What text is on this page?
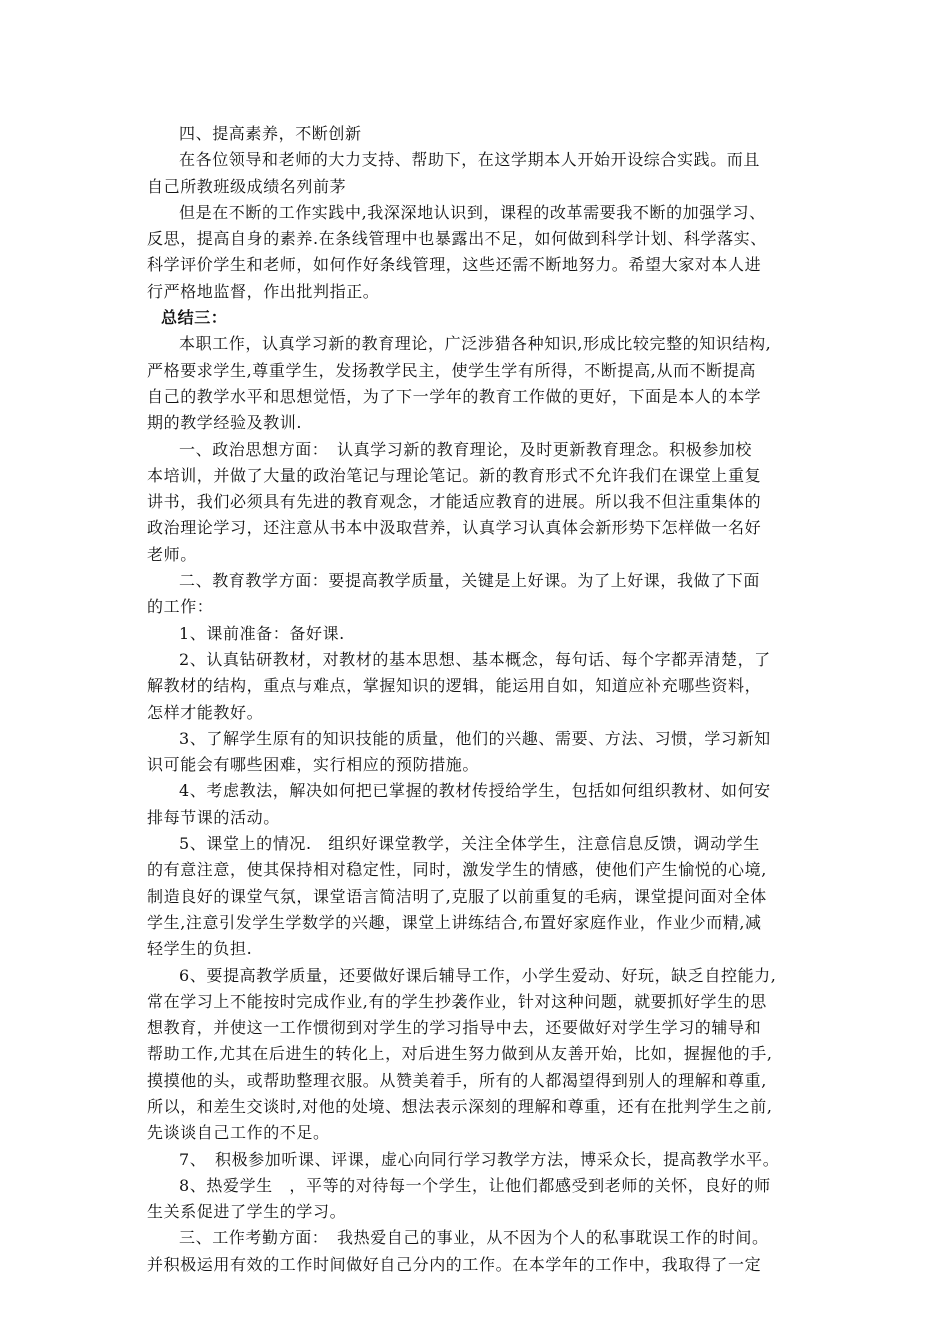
四、提高素养，不断创新
在各位领导和老师的大力支持、帮助下，在这学期本人开始开设综合实践。而且
自己所教班级成绩名列前茅
但是在不断的工作实践中,我深深地认识到，课程的改革需要我不断的加强学习、
反思，提高自身的素养.在条线管理中也暴露出不足，如何做到科学计划、科学落实、
科学评价学生和老师，如何作好条线管理，这些还需不断地努力。希望大家对本人进
行严格地监督，作出批判指正。
总结三：
本职工作，认真学习新的教育理论，广泛涉猎各种知识,形成比较完整的知识结构,
严格要求学生,尊重学生，发扬教学民主，使学生学有所得，不断提高,从而不断提高
自己的教学水平和思想觉悟，为了下一学年的教育工作做的更好，下面是本人的本学
期的教学经验及教训.
一、政治思想方面：　认真学习新的教育理论，及时更新教育理念。积极参加校
本培训，并做了大量的政治笔记与理论笔记。新的教育形式不允许我们在课堂上重复
讲书，我们必须具有先进的教育观念，才能适应教育的进展。所以我不但注重集体的
政治理论学习，还注意从书本中汲取营养，认真学习认真体会新形势下怎样做一名好
老师。
二、教育教学方面：要提高教学质量，关键是上好课。为了上好课，我做了下面
的工作：
1、课前准备：备好课.
2、认真钻研教材，对教材的基本思想、基本概念，每句话、每个字都弄清楚，了
解教材的结构，重点与难点，掌握知识的逻辑，能运用自如，知道应补充哪些资料，
怎样才能教好。
3、了解学生原有的知识技能的质量，他们的兴趣、需要、方法、习惯，学习新知
识可能会有哪些困难，实行相应的预防措施。
4、考虑教法，解决如何把已掌握的教材传授给学生，包括如何组织教材、如何安
排每节课的活动。
5、课堂上的情况.　组织好课堂教学，关注全体学生，注意信息反馈，调动学生
的有意注意，使其保持相对稳定性，同时，激发学生的情感，使他们产生愉悦的心境,
制造良好的课堂气氛，课堂语言简洁明了,克服了以前重复的毛病，课堂提问面对全体
学生,注意引发学生学数学的兴趣，课堂上讲练结合,布置好家庭作业，作业少而精,减
轻学生的负担.
6、要提高教学质量，还要做好课后辅导工作，小学生爱动、好玩，缺乏自控能力,
常在学习上不能按时完成作业,有的学生抄袭作业，针对这种问题，就要抓好学生的思
想教育，并使这一工作惯彻到对学生的学习指导中去，还要做好对学生学习的辅导和
帮助工作,尤其在后进生的转化上，对后进生努力做到从友善开始，比如，握握他的手,
摸摸他的头，或帮助整理衣服。从赞美着手，所有的人都渴望得到别人的理解和尊重,
所以，和差生交谈时,对他的处境、想法表示深刻的理解和尊重，还有在批判学生之前,
先谈谈自己工作的不足。
7、　积极参加听课、评课，虚心向同行学习教学方法，博采众长，提高教学水平。
8、热爱学生　，平等的对待每一个学生，让他们都感受到老师的关怀，良好的师
生关系促进了学生的学习。
三、工作考勤方面：　我热爱自己的事业，从不因为个人的私事耽误工作的时间。
并积极运用有效的工作时间做好自己分内的工作。在本学年的工作中，我取得了一定
